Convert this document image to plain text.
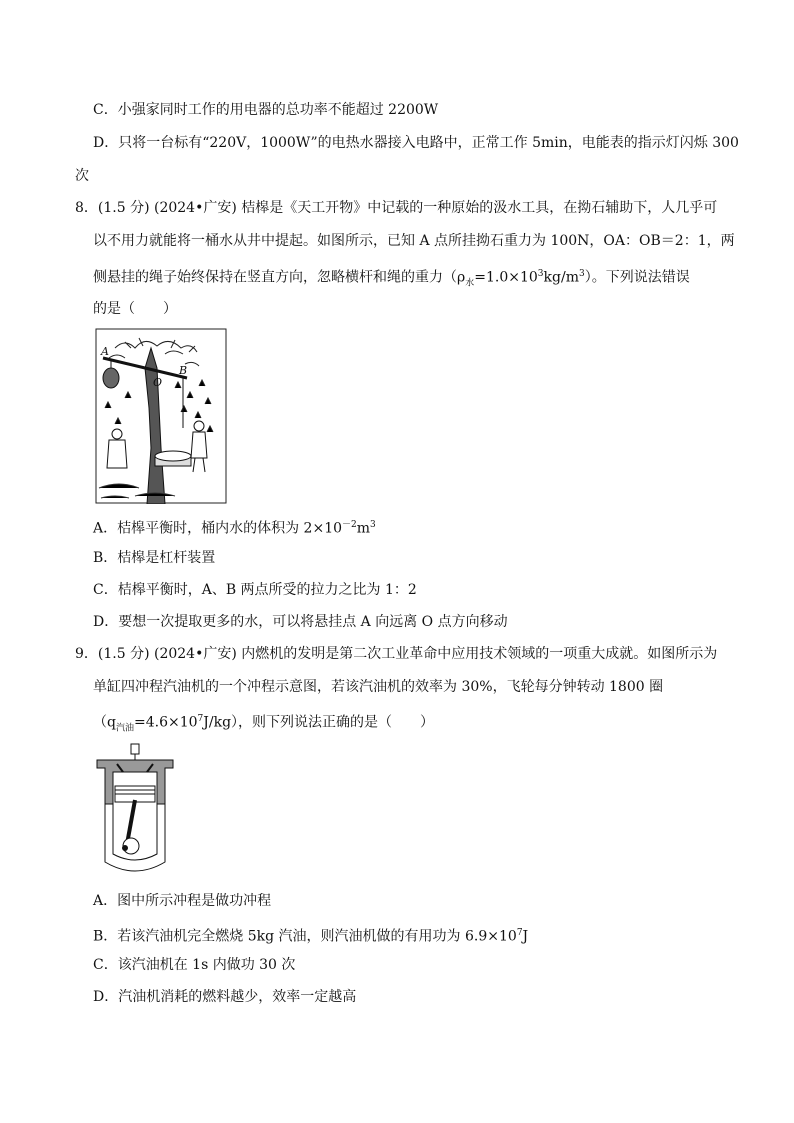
C．小强家同时工作的用电器的总功率不能超过 2200W
D．只将一台标有“220V，1000W”的电热水器接入电路中，正常工作 5min，电能表的指示灯闪烁 300
次
8．(1.5 分) (2024•广安) 桔槔是《天工开物》中记载的一种原始的汲水工具，在拗石辅助下，人几乎可
以不用力就能将一桶水从井中提起。如图所示，已知 A 点所挂拗石重力为 100N，OA：OB＝2：1，两
侧悬挂的绳子始终保持在竖直方向，忽略横杆和绳的重力$(\rho_水=1.0\times 10^3kg/m^3)$。下列说法错误
的是（　　）
A
B
O
A．桔槔平衡时，桶内水的体积为 $2\times 10^{-2}m^3$
B．桔槔是杠杆装置
C．桔槔平衡时，A、B 两点所受的拉力之比为 1：2
D．要想一次提取更多的水，可以将悬挂点 A 向远离 O 点方向移动
9．(1.5 分) (2024•广安) 内燃机的发明是第二次工业革命中应用技术领域的一项重大成就。如图所示为
单缸四冲程汽油机的一个冲程示意图，若该汽油机的效率为 30%，飞轮每分钟转动 1800 圈
$(q_{汽油}=4.6\times 10^7J/kg)$，则下列说法正确的是（　　）
A．图中所示冲程是做功冲程
B．若该汽油机完全燃烧 5kg 汽油，则汽油机做的有用功为 $6.9\times 10^7J$
C．该汽油机在 1s 内做功 30 次
D．汽油机消耗的燃料越少，效率一定越高
